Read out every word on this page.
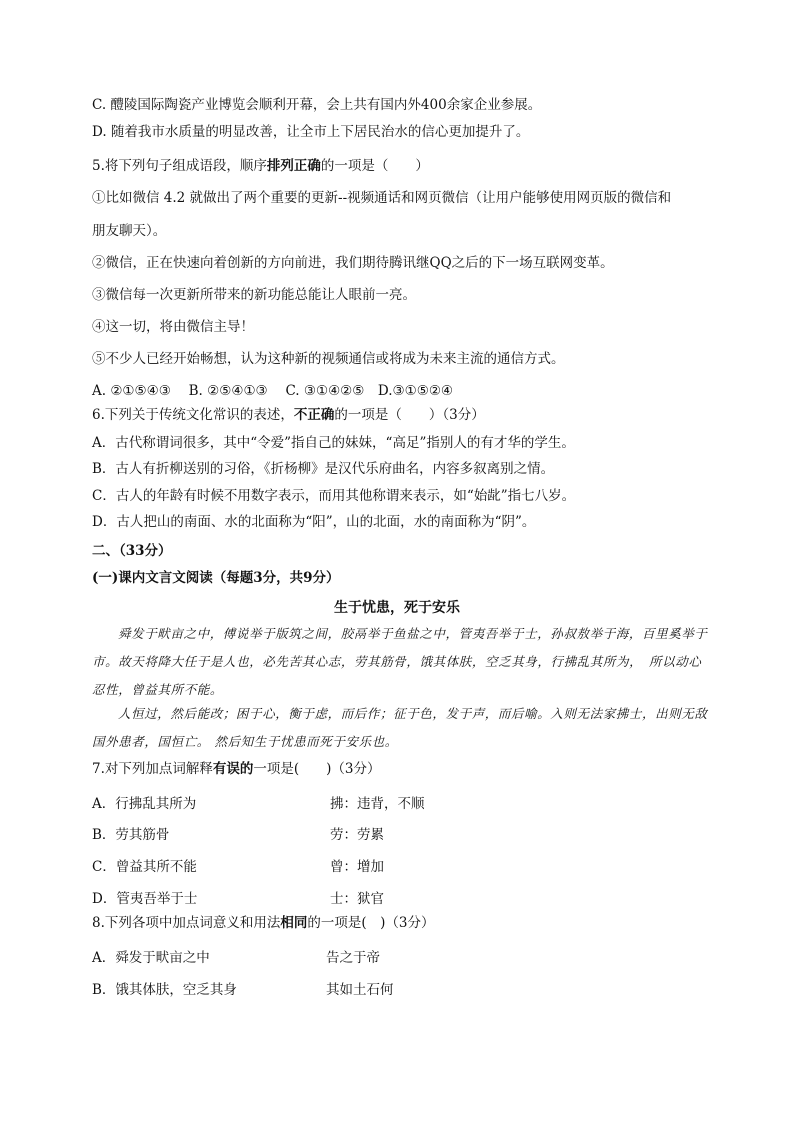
C. 醴陵国际陶瓷产业博览会顺利开幕，会上共有国内外400余家企业参展。
D. 随着我市水质量的明显改善，让全市上下居民治水的信心更加提升了。
5.将下列句子组成语段，顺序排列正确的一项是（　　）
①比如微信 4.2 就做出了两个重要的更新--视频通话和网页微信（让用户能够使用网页版的微信和
朋友聊天）。
②微信，正在快速向着创新的方向前进，我们期待腾讯继QQ之后的下一场互联网变革。
③微信每一次更新所带来的新功能总能让人眼前一亮。
④这一切，将由微信主导！
⑤不少人已经开始畅想，认为这种新的视频通信或将成为未来主流的通信方式。
A. ②①⑤④③　 B. ②⑤④①③　 C. ③①④②⑤　D.③①⑤②④
6.下列关于传统文化常识的表述，不正确的一项是（　　）（3分）
A．古代称谓词很多，其中“令爱”指自己的妹妹，“高足”指别人的有才华的学生。
B．古人有折柳送别的习俗，《折杨柳》是汉代乐府曲名，内容多叙离别之情。
C．古人的年龄有时候不用数字表示，而用其他称谓来表示，如“始龀”指七八岁。
D．古人把山的南面、水的北面称为“阳”，山的北面，水的南面称为“阴”。
二、（33分）
(一)课内文言文阅读（每题3分，共9分）
生于忧患，死于安乐
舜发于畎亩之中，傅说举于版筑之间，胶鬲举于鱼盐之中，管夷吾举于士，孙叔敖举于海，百里奚举于市。故天将降大任于是人也，必先苦其心志，劳其筋骨，饿其体肤，空乏其身，行拂乱其所为，　所以动心忍性，曾益其所不能。
人恒过，然后能改；困于心，衡于虑，而后作；征于色，发于声，而后喻。入则无法家拂士，出则无敌国外患者，国恒亡。 然后知生于忧患而死于安乐也。
7.对下列加点词解释有误的一项是(　　)（3分）
A．行拂乱其所为	拂：违背，不顺
B．劳其筋骨	劳：劳累
C．曾益其所不能	曾：增加
D．管夷吾举于士	士：狱官
8.下列各项中加点词意义和用法相同的一项是(　)（3分）
A．舜发于畎亩之中	告之于帝
B．饿其体肤，空乏其身	其如土石何
